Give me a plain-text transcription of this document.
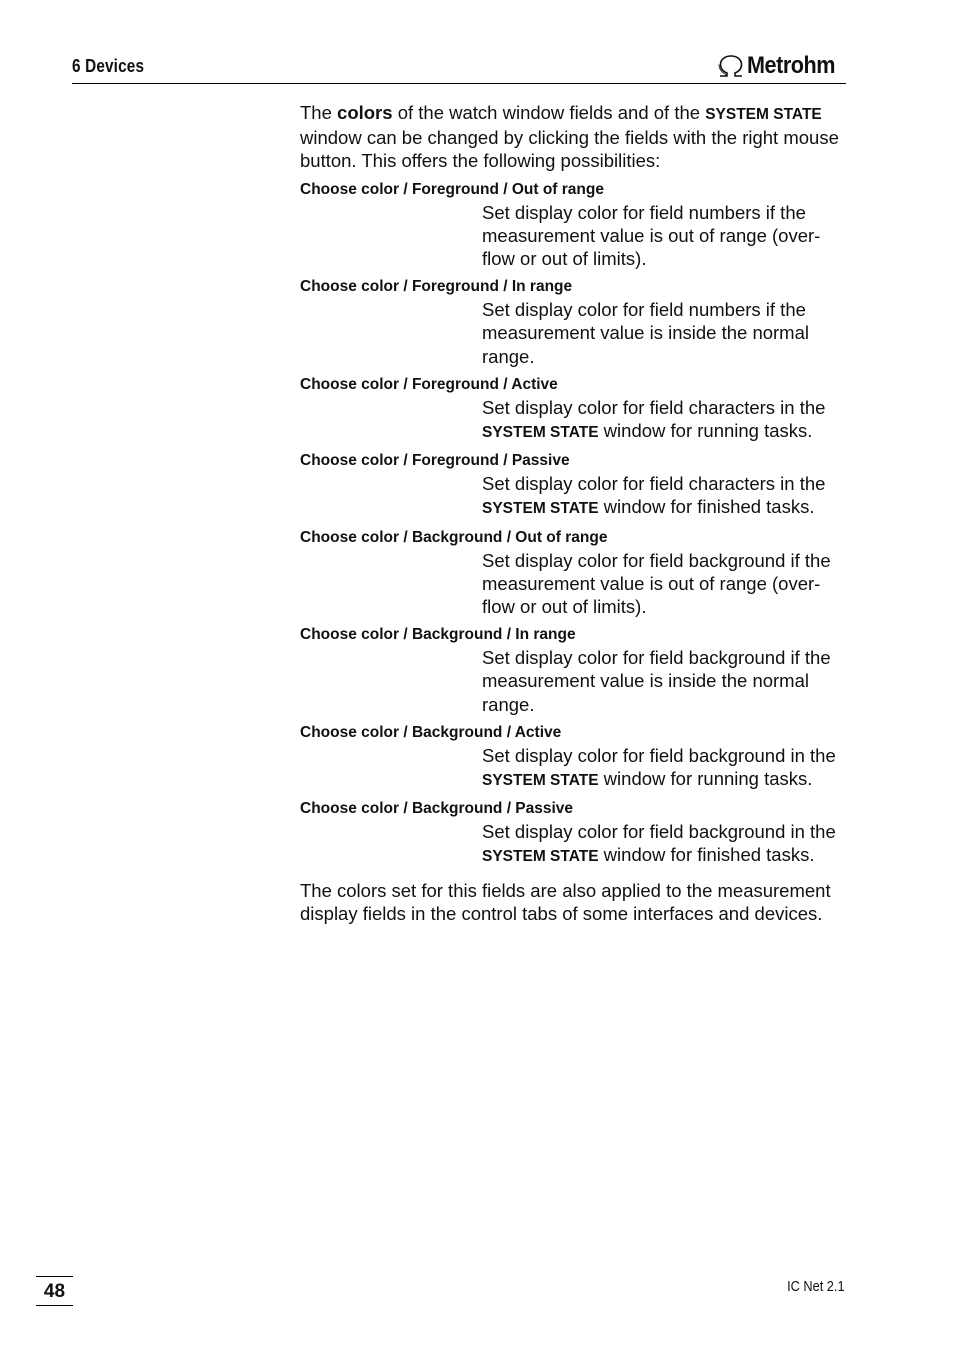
6 Devices	Metrohm

The colors of the watch window fields and of the SYSTEM STATE window can be changed by clicking the fields with the right mouse button. This offers the following possibilities:

Choose color / Foreground / Out of range
Set display color for field numbers if the measurement value is out of range (over-flow or out of limits).
Choose color / Foreground / In range
Set display color for field numbers if the measurement value is inside the normal range.
Choose color / Foreground / Active
Set display color for field characters in the SYSTEM STATE window for running tasks.
Choose color / Foreground / Passive
Set display color for field characters in the SYSTEM STATE window for finished tasks.
Choose color / Background / Out of range
Set display color for field background if the measurement value is out of range (over-flow or out of limits).
Choose color / Background / In range
Set display color for field background if the measurement value is inside the normal range.
Choose color / Background / Active
Set display color for field background in the SYSTEM STATE window for running tasks.
Choose color / Background / Passive
Set display color for field background in the SYSTEM STATE window for finished tasks.

The colors set for this fields are also applied to the measurement display fields in the control tabs of some interfaces and devices.

48	IC Net 2.1
